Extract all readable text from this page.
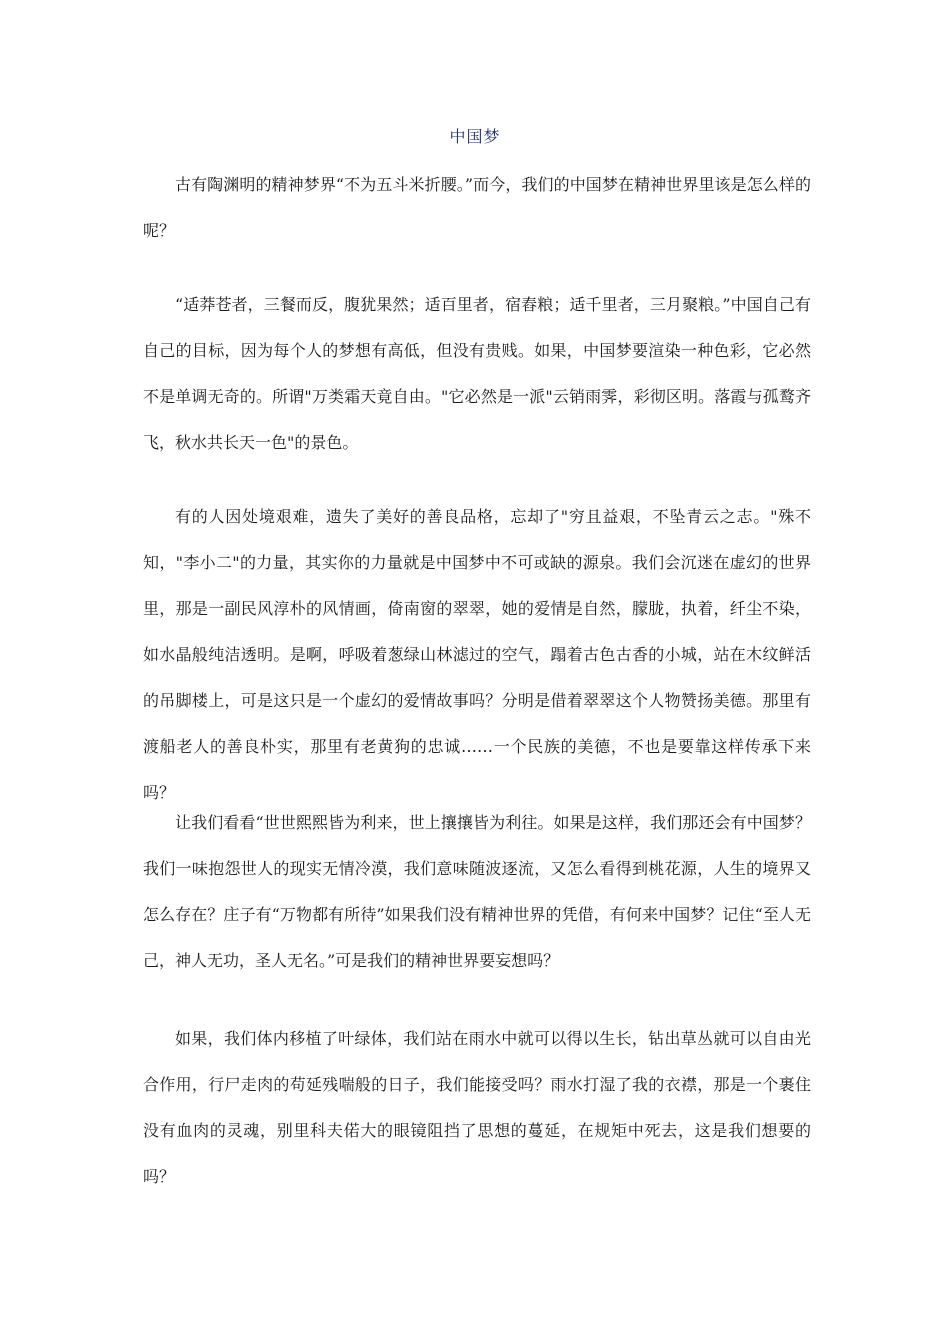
中国梦

古有陶渊明的精神梦界“不为五斗米折腰。”而今，我们的中国梦在精神世界里该是怎么样的呢？

“适莽苍者，三餐而反，腹犹果然；适百里者，宿舂粮；适千里者，三月聚粮。”中国自己有自己的目标，因为每个人的梦想有高低，但没有贵贱。如果，中国梦要渲染一种色彩，它必然不是单调无奇的。所谓"万类霜天竟自由。"它必然是一派"云销雨霁，彩彻区明。落霞与孤鹜齐飞，秋水共长天一色"的景色。

有的人因处境艰难，遗失了美好的善良品格，忘却了"穷且益艰，不坠青云之志。"殊不知，"李小二"的力量，其实你的力量就是中国梦中不可或缺的源泉。我们会沉迷在虚幻的世界里，那是一副民风淳朴的风情画，倚南窗的翠翠，她的爱情是自然，朦胧，执着，纤尘不染，如水晶般纯洁透明。是啊，呼吸着葱绿山林滤过的空气，蹋着古色古香的小城，站在木纹鲜活的吊脚楼上，可是这只是一个虚幻的爱情故事吗？分明是借着翠翠这个人物赞扬美德。那里有渡船老人的善良朴实，那里有老黄狗的忠诚……一个民族的美德，不也是要靠这样传承下来吗？

让我们看看“世世熙熙皆为利来，世上攘攘皆为利往。如果是这样，我们那还会有中国梦？我们一味抱怨世人的现实无情冷漠，我们意味随波逐流，又怎么看得到桃花源，人生的境界又怎么存在？庄子有“万物都有所待”如果我们没有精神世界的凭借，有何来中国梦？记住“至人无己，神人无功，圣人无名。”可是我们的精神世界要妄想吗？

如果，我们体内移植了叶绿体，我们站在雨水中就可以得以生长，钻出草丛就可以自由光合作用，行尸走肉的苟延残喘般的日子，我们能接受吗？雨水打湿了我的衣襟，那是一个裹住没有血肉的灵魂，别里科夫偌大的眼镜阻挡了思想的蔓延，在规矩中死去，这是我们想要的吗？
